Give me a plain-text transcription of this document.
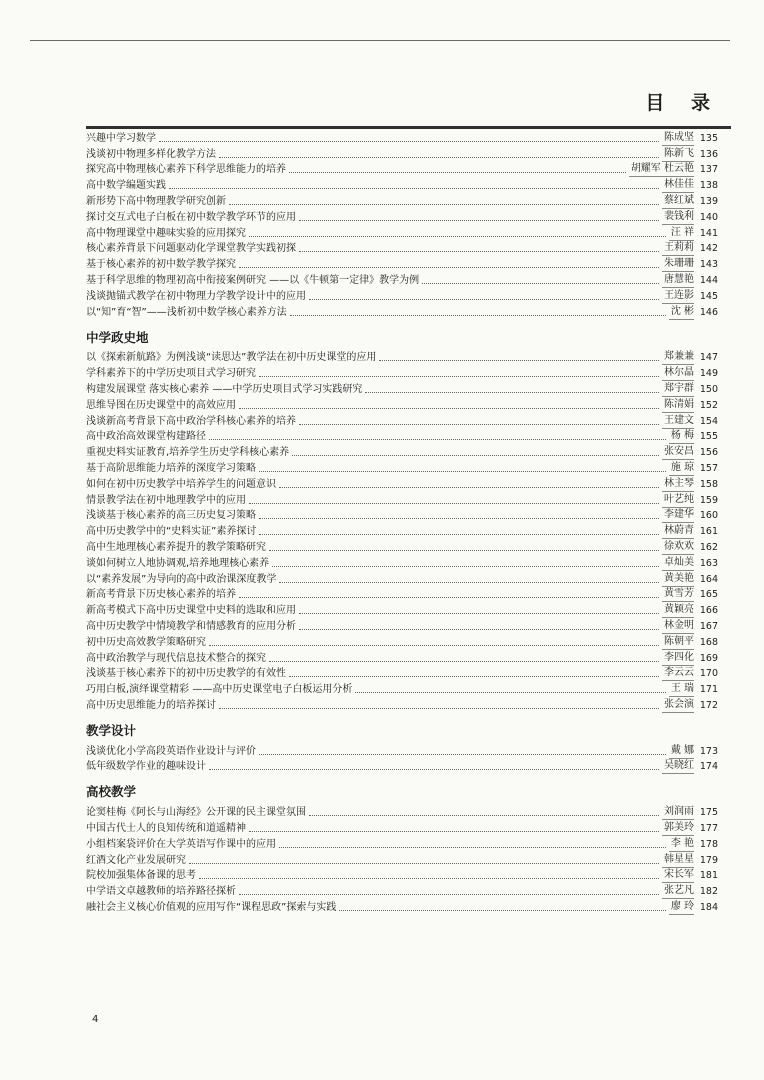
目 录
兴趣中学习数学	陈成坚 135
浅谈初中物理多样化教学方法	陈新飞 136
探究高中物理核心素养下科学思维能力的培养	胡耀军 杜云艳 137
高中数学编题实践	林佳佳 138
新形势下高中物理教学研究创新	蔡红斌 139
探讨交互式电子白板在初中数学教学环节的应用	裴钱利 140
高中物理课堂中趣味实验的应用探究	汪 祥 141
核心素养背景下问题驱动化学课堂教学实践初探	王莉莉 142
基于核心素养的初中数学教学探究	朱珊珊 143
基于科学思维的物理初高中衔接案例研究 ——以《牛顿第一定律》教学为例	唐慧艳 144
浅谈抛锚式教学在初中物理力学教学设计中的应用	王连影 145
以“知”育“智”——浅析初中数学核心素养方法	沈 彬 146
中学政史地
以《探索新航路》为例浅谈“读思达”教学法在初中历史课堂的应用	郑兼兼 147
学科素养下的中学历史项目式学习研究	林尔晶 149
构建发展课堂 落实核心素养 ——中学历史项目式学习实践研究	郑宇群 150
思维导图在历史课堂中的高效应用	陈清娟 152
浅谈新高考背景下高中政治学科核心素养的培养	王建文 154
高中政治高效课堂构建路径	杨 梅 155
重视史料实证教育,培养学生历史学科核心素养	张安昌 156
基于高阶思维能力培养的深度学习策略	施 琼 157
如何在初中历史教学中培养学生的问题意识	林主琴 158
情景教学法在初中地理教学中的应用	叶艺纯 159
浅谈基于核心素养的高三历史复习策略	李建华 160
高中历史教学中的“史料实证”素养探讨	林蔚青 161
高中生地理核心素养提升的教学策略研究	徐欢欢 162
谈如何树立人地协调观,培养地理核心素养	卓灿美 163
以“素养发展”为导向的高中政治课深度教学	黄美艳 164
新高考背景下历史核心素养的培养	黄雪芳 165
新高考模式下高中历史课堂中史料的选取和应用	黄颖亮 166
高中历史教学中情境教学和情感教育的应用分析	林金明 167
初中历史高效教学策略研究	陈朝平 168
高中政治教学与现代信息技术整合的探究	李四化 169
浅谈基于核心素养下的初中历史教学的有效性	李云云 170
巧用白板,演绎课堂精彩 ——高中历史课堂电子白板运用分析	王 瑞 171
高中历史思维能力的培养探讨	张会演 172
教学设计
浅谈优化小学高段英语作业设计与评价	戴 娜 173
低年级数学作业的趣味设计	吴晓红 174
高校教学
论窦桂梅《阿长与山海经》公开课的民主课堂氛围	刘润雨 175
中国古代士人的良知传统和道遥精神	郭美玲 177
小组档案袋评价在大学英语写作课中的应用	李 艳 178
红酒文化产业发展研究	韩星星 179
院校加强集体备课的思考	宋长军 181
中学语文卓越教师的培养路径探析	张艺凡 182
融社会主义核心价值观的应用写作“课程思政”探索与实践	廖 玲 184
4
